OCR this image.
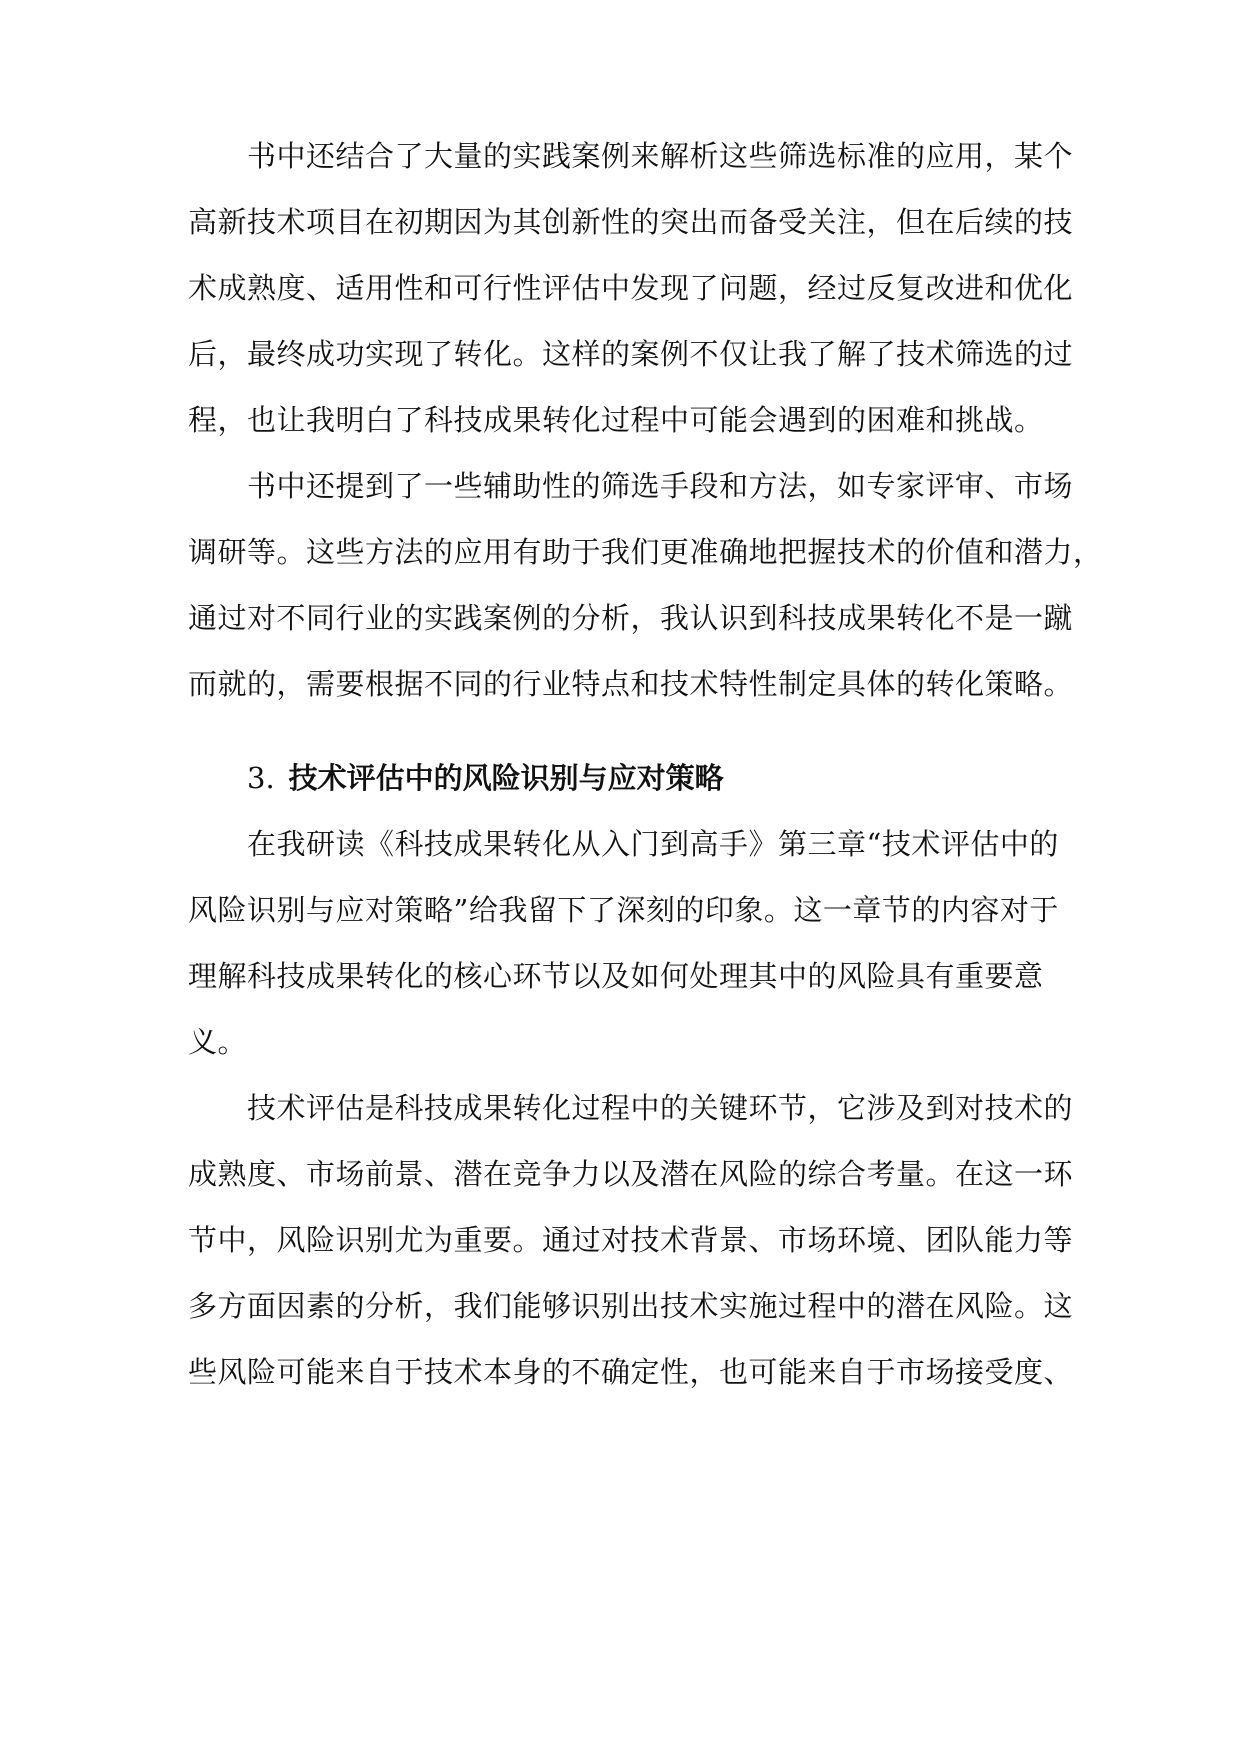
书中还结合了大量的实践案例来解析这些筛选标准的应用，某个
高新技术项目在初期因为其创新性的突出而备受关注，但在后续的技
术成熟度、适用性和可行性评估中发现了问题，经过反复改进和优化
后，最终成功实现了转化。这样的案例不仅让我了解了技术筛选的过
程，也让我明白了科技成果转化过程中可能会遇到的困难和挑战。
书中还提到了一些辅助性的筛选手段和方法，如专家评审、市场
调研等。这些方法的应用有助于我们更准确地把握技术的价值和潜力，
通过对不同行业的实践案例的分析，我认识到科技成果转化不是一蹴
而就的，需要根据不同的行业特点和技术特性制定具体的转化策略。
3. 技术评估中的风险识别与应对策略
在我研读《科技成果转化从入门到高手》第三章“技术评估中的
风险识别与应对策略”给我留下了深刻的印象。这一章节的内容对于
理解科技成果转化的核心环节以及如何处理其中的风险具有重要意
义。
技术评估是科技成果转化过程中的关键环节，它涉及到对技术的
成熟度、市场前景、潜在竞争力以及潜在风险的综合考量。在这一环
节中，风险识别尤为重要。通过对技术背景、市场环境、团队能力等
多方面因素的分析，我们能够识别出技术实施过程中的潜在风险。这
些风险可能来自于技术本身的不确定性，也可能来自于市场接受度、
